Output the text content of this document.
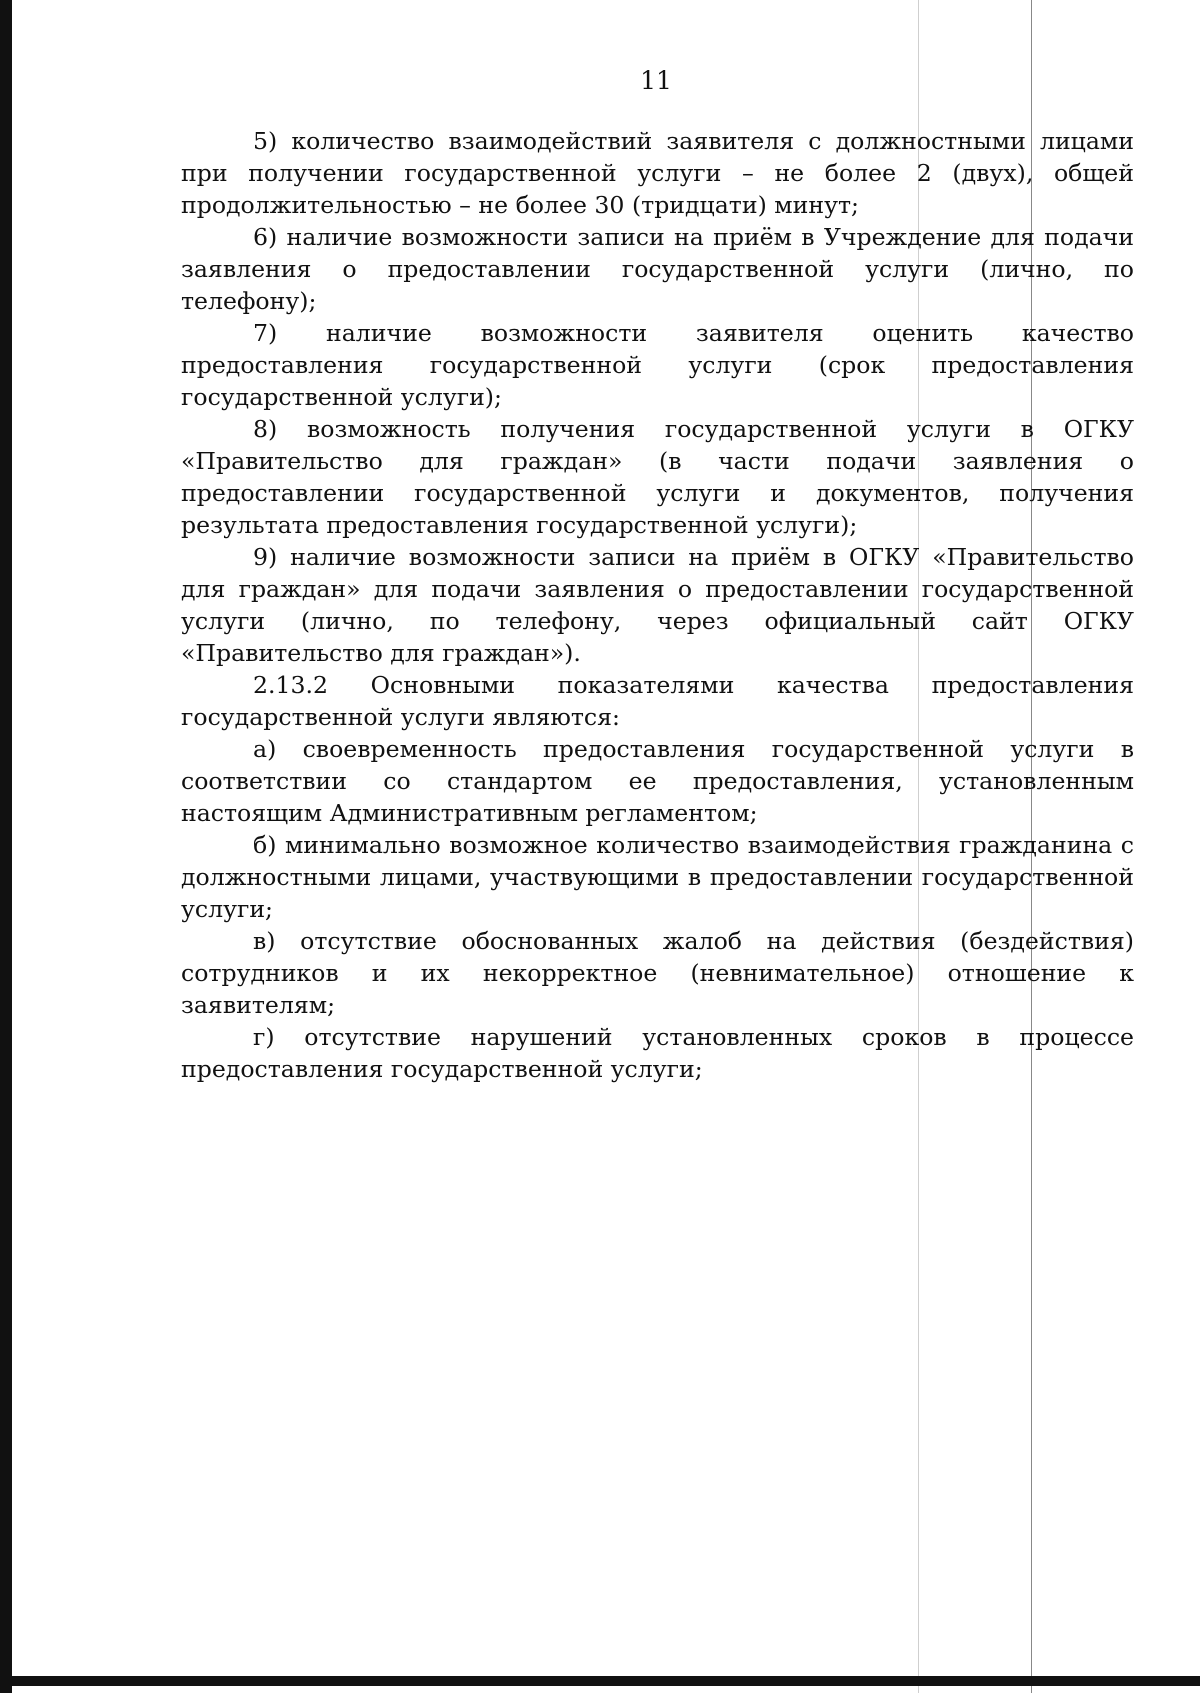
11

5) количество взаимодействий заявителя с должностными лицами при получении государственной услуги – не более 2 (двух), общей продолжительностью – не более 30 (тридцати) минут;

6) наличие возможности записи на приём в Учреждение для подачи заявления о предоставлении государственной услуги (лично, по телефону);

7) наличие возможности заявителя оценить качество предоставления государственной услуги (срок предоставления государственной услуги);

8) возможность получения государственной услуги в ОГКУ «Правительство для граждан» (в части подачи заявления о предоставлении государственной услуги и документов, получения результата предоставления государственной услуги);

9) наличие возможности записи на приём в ОГКУ «Правительство для граждан» для подачи заявления о предоставлении государственной услуги (лично, по телефону, через официальный сайт ОГКУ «Правительство для граждан»).

2.13.2 Основными показателями качества предоставления государственной услуги являются:

а) своевременность предоставления государственной услуги в соответствии со стандартом ее предоставления, установленным настоящим Административным регламентом;

б) минимально возможное количество взаимодействия гражданина с должностными лицами, участвующими в предоставлении государственной услуги;

в) отсутствие обоснованных жалоб на действия (бездействия) сотрудников и их некорректное (невнимательное) отношение к заявителям;

г) отсутствие нарушений установленных сроков в процессе предоставления государственной услуги;
